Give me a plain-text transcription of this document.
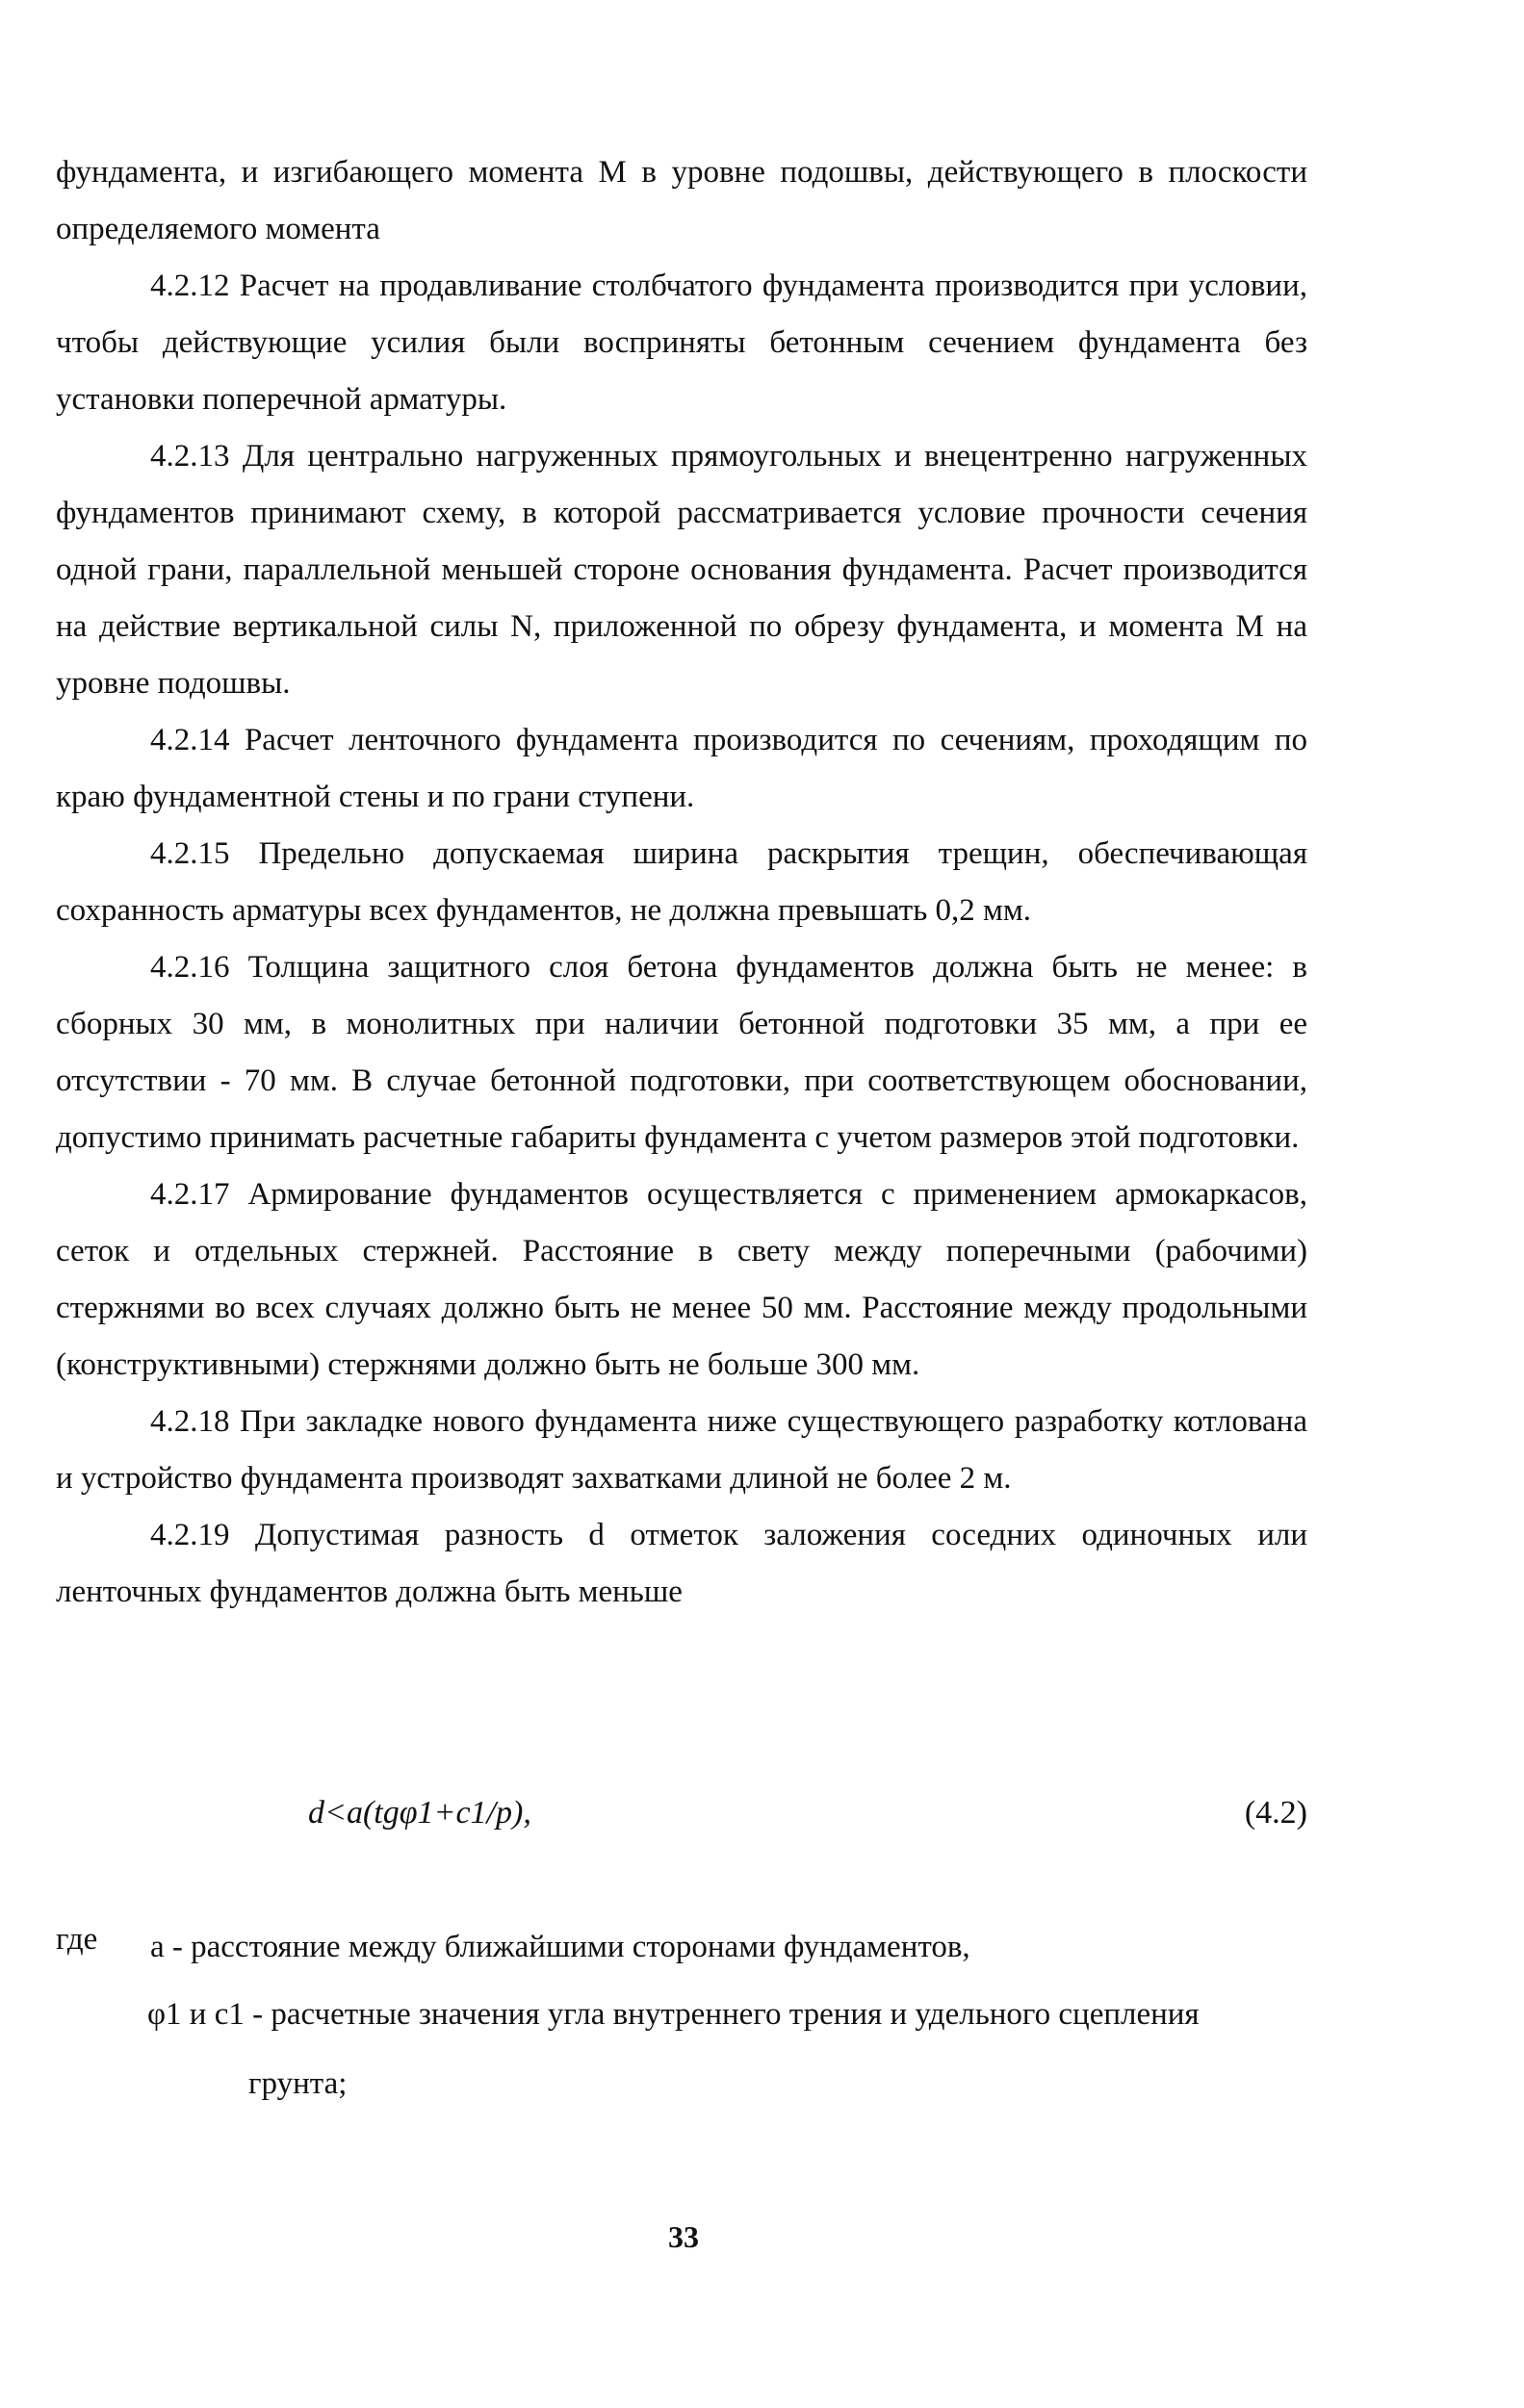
фундамента, и изгибающего момента M в уровне подошвы, действующего в плоскости определяемого момента

4.2.12 Расчет на продавливание столбчатого фундамента производится при условии, чтобы действующие усилия были восприняты бетонным сечением фундамента без установки поперечной арматуры.

4.2.13 Для центрально нагруженных прямоугольных и внецентренно нагруженных фундаментов принимают схему, в которой рассматривается условие прочности сечения одной грани, параллельной меньшей стороне основания фундамента. Расчет производится на действие вертикальной силы N, приложенной по обрезу фундамента, и момента M на уровне подошвы.

4.2.14 Расчет ленточного фундамента производится по сечениям, проходящим по краю фундаментной стены и по грани ступени.

4.2.15 Предельно допускаемая ширина раскрытия трещин, обеспечивающая сохранность арматуры всех фундаментов, не должна превышать 0,2 мм.

4.2.16 Толщина защитного слоя бетона фундаментов должна быть не менее: в сборных 30 мм, в монолитных при наличии бетонной подготовки 35 мм, а при ее отсутствии - 70 мм. В случае бетонной подготовки, при соответствующем обосновании, допустимо принимать расчетные габариты фундамента с учетом размеров этой подготовки.

4.2.17 Армирование фундаментов осуществляется с применением армокаркасов, сеток и отдельных стержней. Расстояние в свету между поперечными (рабочими) стержнями во всех случаях должно быть не менее 50 мм. Расстояние между продольными (конструктивными) стержнями должно быть не больше 300 мм.

4.2.18 При закладке нового фундамента ниже существующего разработку котлована и устройство фундамента производят захватками длиной не более 2 м.

4.2.19 Допустимая разность d отметок заложения соседних одиночных или ленточных фундаментов должна быть меньше

d<a(tgφ1+c1/p),	(4.2)
где a - расстояние между ближайшими сторонами фундаментов,
φ1 и c1 - расчетные значения угла внутреннего трения и удельного сцепления
грунта;
33
